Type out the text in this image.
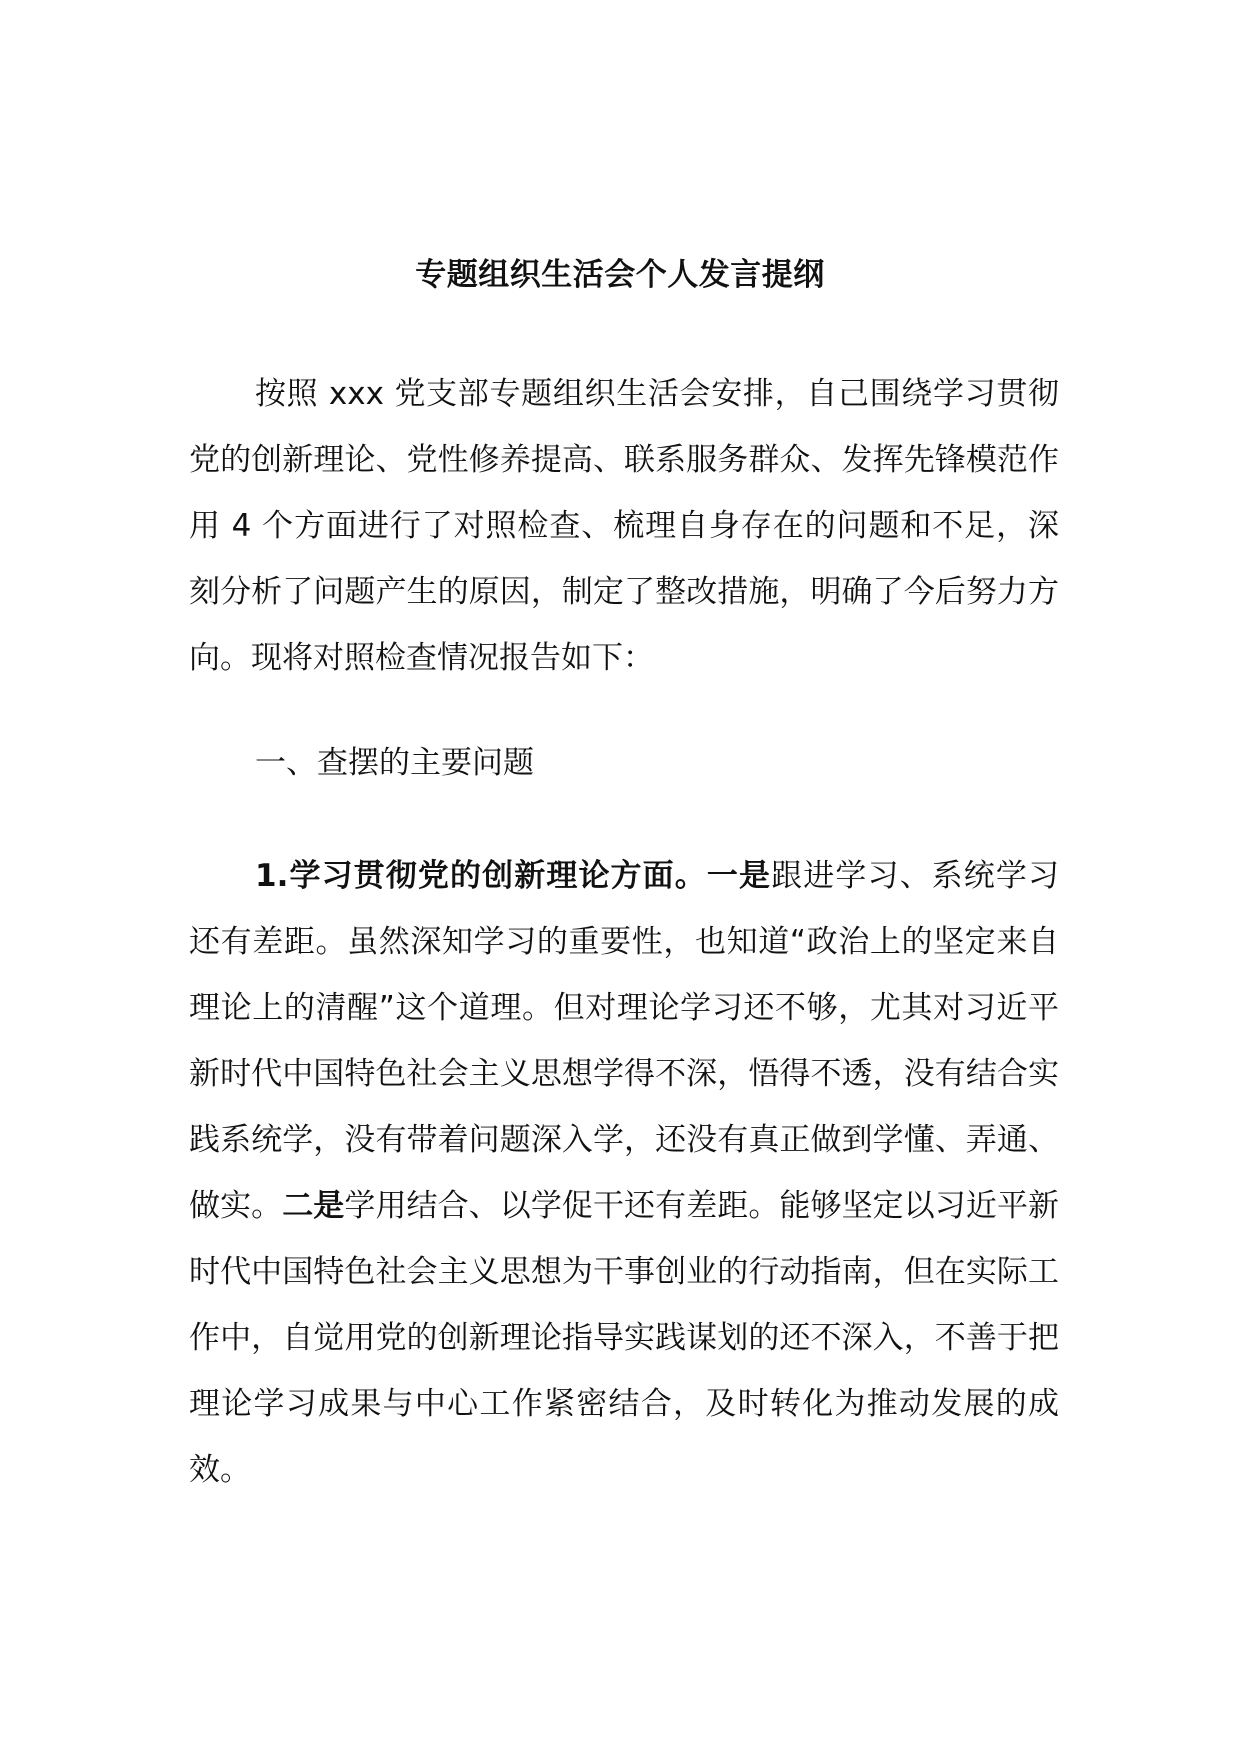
专题组织生活会个人发言提纲

按照 xxx 党支部专题组织生活会安排，自己围绕学习贯彻党的创新理论、党性修养提高、联系服务群众、发挥先锋模范作用 4 个方面进行了对照检查、梳理自身存在的问题和不足，深刻分析了问题产生的原因，制定了整改措施，明确了今后努力方向。现将对照检查情况报告如下：

一、查摆的主要问题

1.学习贯彻党的创新理论方面。一是跟进学习、系统学习还有差距。虽然深知学习的重要性，也知道“政治上的坚定来自理论上的清醒”这个道理。但对理论学习还不够，尤其对习近平新时代中国特色社会主义思想学得不深，悟得不透，没有结合实践系统学，没有带着问题深入学，还没有真正做到学懂、弄通、做实。二是学用结合、以学促干还有差距。能够坚定以习近平新时代中国特色社会主义思想为干事创业的行动指南，但在实际工作中，自觉用党的创新理论指导实践谋划的还不深入，不善于把理论学习成果与中心工作紧密结合，及时转化为推动发展的成效。
